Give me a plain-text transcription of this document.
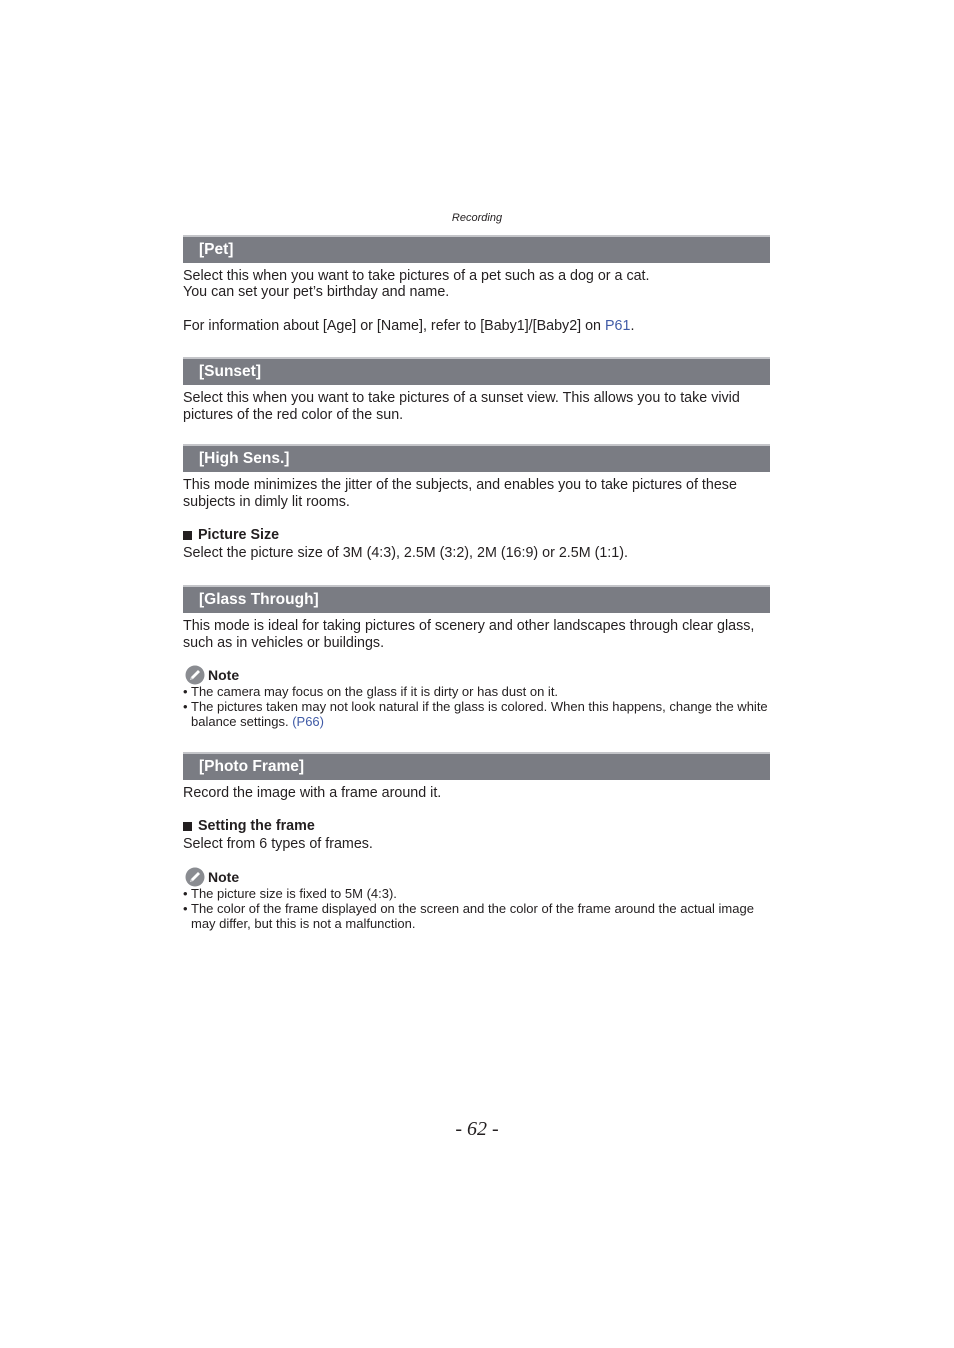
Recording
[Pet]

Select this when you want to take pictures of a pet such as a dog or a cat.

You can set your pet’s birthday and name.

For information about [Age] or [Name], refer to [Baby1]/[Baby2] on P61.

[Sunset]

Select this when you want to take pictures of a sunset view. This allows you to take vivid pictures of the red color of the sun.

[High Sens.]

This mode minimizes the jitter of the subjects, and enables you to take pictures of these subjects in dimly lit rooms.

Picture Size

Select the picture size of 3M (4:3), 2.5M (3:2), 2M (16:9) or 2.5M (1:1).

[Glass Through]

This mode is ideal for taking pictures of scenery and other landscapes through clear glass, such as in vehicles or buildings.

Note
• The camera may focus on the glass if it is dirty or has dust on it.
• The pictures taken may not look natural if the glass is colored. When this happens, change the white balance settings. (P66)
[Photo Frame]

Record the image with a frame around it.

Setting the frame

Select from 6 types of frames.

Note
• The picture size is fixed to 5M (4:3).
• The color of the frame displayed on the screen and the color of the frame around the actual image may differ, but this is not a malfunction.
- 62 -
